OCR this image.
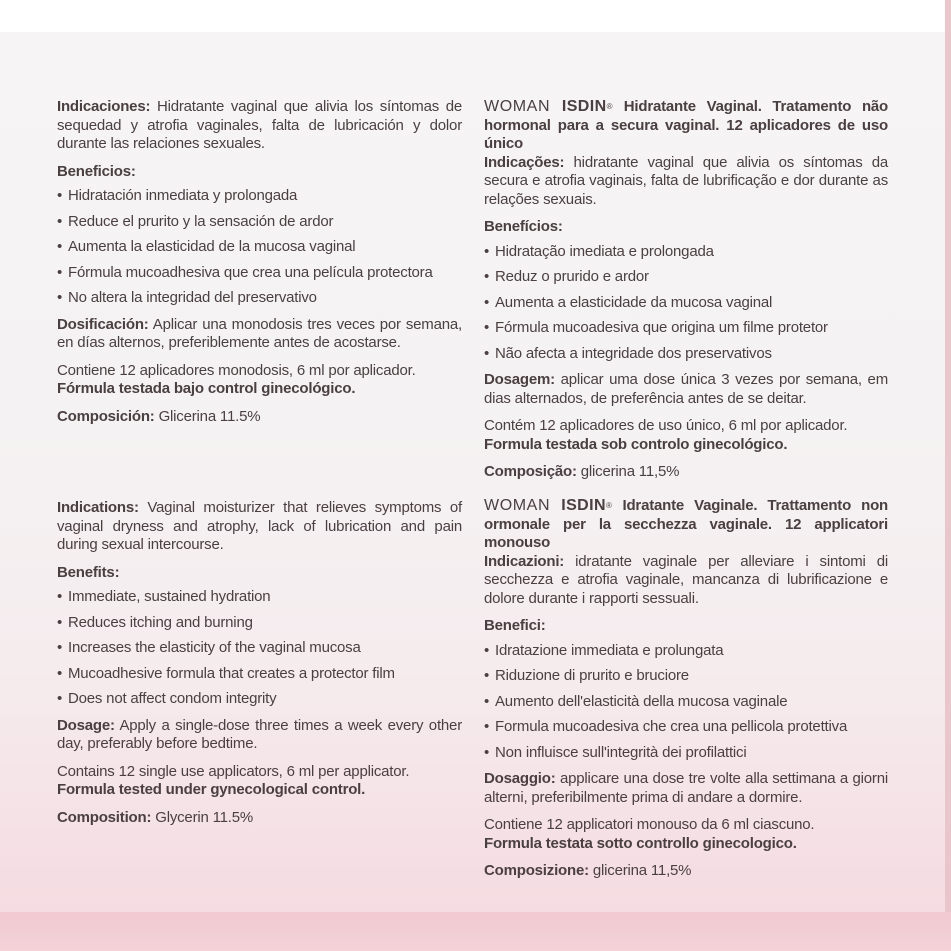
Indicaciones: Hidratante vaginal que alivia los síntomas de sequedad y atrofia vaginales, falta de lubricación y dolor durante las relaciones sexuales.

Beneficios:

• Hidratación inmediata y prolongada
• Reduce el prurito y la sensación de ardor
• Aumenta la elasticidad de la mucosa vaginal
• Fórmula mucoadhesiva que crea una película protectora
• No altera la integridad del preservativo

Dosificación: Aplicar una monodosis tres veces por semana, en días alternos, preferiblemente antes de acostarse.

Contiene 12 aplicadores monodosis, 6 ml por aplicador.

Fórmula testada bajo control ginecológico.

Composición: Glicerina 11.5%

Indications: Vaginal moisturizer that relieves symptoms of vaginal dryness and atrophy, lack of lubrication and pain during sexual intercourse.

Benefits:

• Immediate, sustained hydration
• Reduces itching and burning
• Increases the elasticity of the vaginal mucosa
• Mucoadhesive formula that creates a protector film
• Does not affect condom integrity

Dosage: Apply a single-dose three times a week every other day, preferably before bedtime.

Contains 12 single use applicators, 6 ml per applicator.

Formula tested under gynecological control.

Composition: Glycerin 11.5%

WOMAN ISDIN® Hidratante Vaginal. Tratamento não hormonal para a secura vaginal. 12 aplicadores de uso único

Indicações: hidratante vaginal que alivia os síntomas da secura e atrofia vaginais, falta de lubrificação e dor durante as relações sexuais.

Benefícios:

• Hidratação imediata e prolongada
• Reduz o prurido e ardor
• Aumenta a elasticidade da mucosa vaginal
• Fórmula mucoadesiva que origina um filme protetor
• Não afecta a integridade dos preservativos

Dosagem: aplicar uma dose única 3 vezes por semana, em dias alternados, de preferência antes de se deitar.

Contém 12 aplicadores de uso único, 6 ml por aplicador.

Formula testada sob controlo ginecológico.

Composição: glicerina 11,5%

WOMAN ISDIN® Idratante Vaginale. Trattamento non ormonale per la secchezza vaginale. 12 applicatori monouso

Indicazioni: idratante vaginale per alleviare i sintomi di secchezza e atrofia vaginale, mancanza di lubrificazione e dolore durante i rapporti sessuali.

Benefici:

• Idratazione immediata e prolungata
• Riduzione di prurito e bruciore
• Aumento dell'elasticità della mucosa vaginale
• Formula mucoadesiva che crea una pellicola protettiva
• Non influisce sull'integrità dei profilattici

Dosaggio: applicare una dose tre volte alla settimana a giorni alterni, preferibilmente prima di andare a dormire.

Contiene 12 applicatori monouso da 6 ml ciascuno.

Formula testata sotto controllo ginecologico.

Composizione: glicerina 11,5%
